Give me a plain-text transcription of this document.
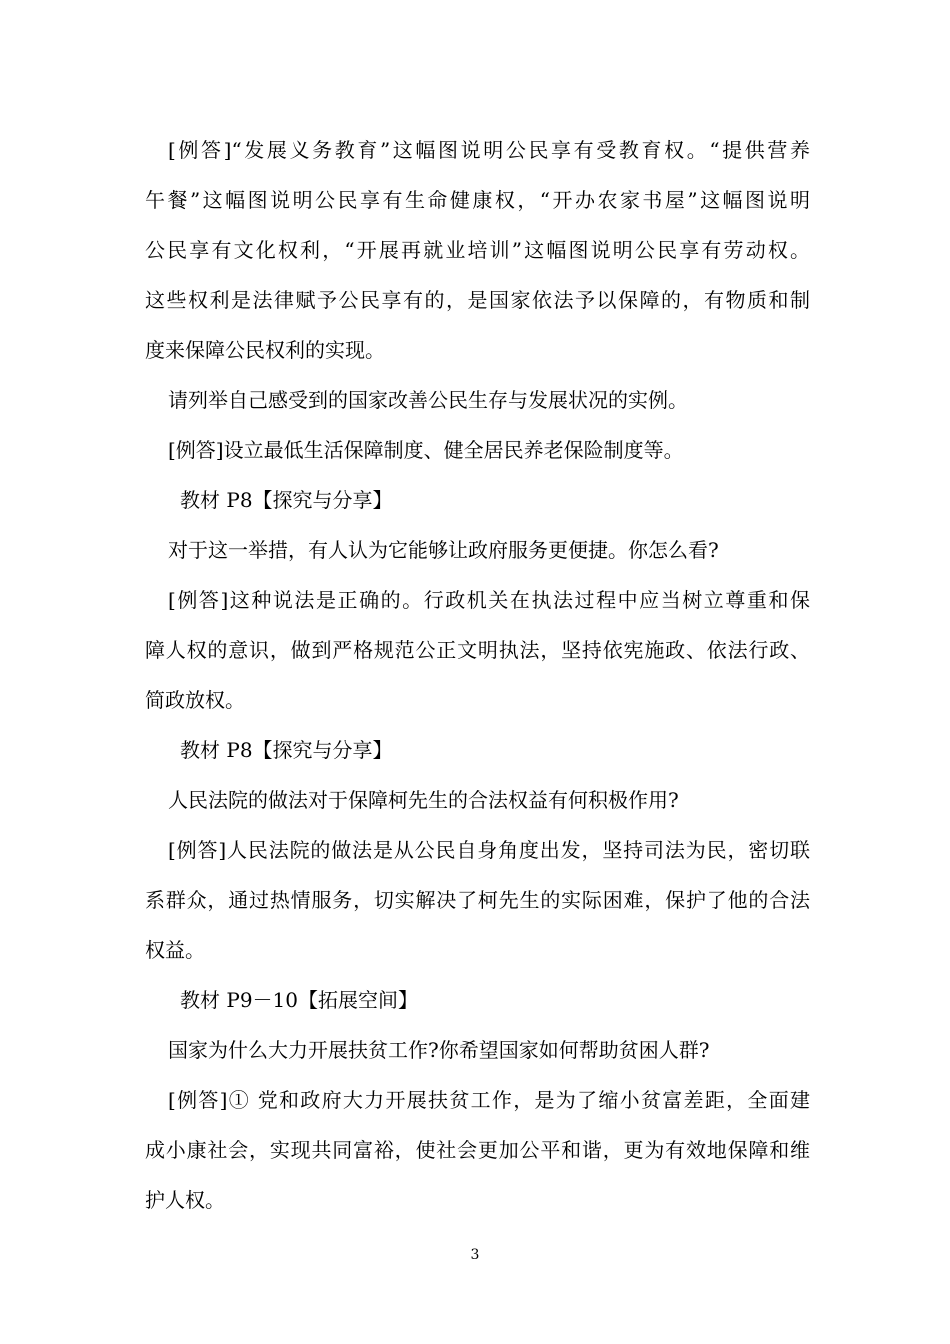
[例答]“发展义务教育”这幅图说明公民享有受教育权。“提供营养
午餐”这幅图说明公民享有生命健康权，“开办农家书屋”这幅图说明
公民享有文化权利，“开展再就业培训”这幅图说明公民享有劳动权。
这些权利是法律赋予公民享有的，是国家依法予以保障的，有物质和制
度来保障公民权利的实现。
请列举自己感受到的国家改善公民生存与发展状况的实例。
[例答]设立最低生活保障制度、健全居民养老保险制度等。
教材 P8【探究与分享】
对于这一举措，有人认为它能够让政府服务更便捷。你怎么看?
[例答]这种说法是正确的。行政机关在执法过程中应当树立尊重和保
障人权的意识，做到严格规范公正文明执法，坚持依宪施政、依法行政、
简政放权。
教材 P8【探究与分享】
人民法院的做法对于保障柯先生的合法权益有何积极作用?
[例答]人民法院的做法是从公民自身角度出发，坚持司法为民，密切联
系群众，通过热情服务，切实解决了柯先生的实际困难，保护了他的合法
权益。
教材 P9－10【拓展空间】
国家为什么大力开展扶贫工作?你希望国家如何帮助贫困人群?
[例答]① 党和政府大力开展扶贫工作，是为了缩小贫富差距，全面建
成小康社会，实现共同富裕，使社会更加公平和谐，更为有效地保障和维
护人权。
3
